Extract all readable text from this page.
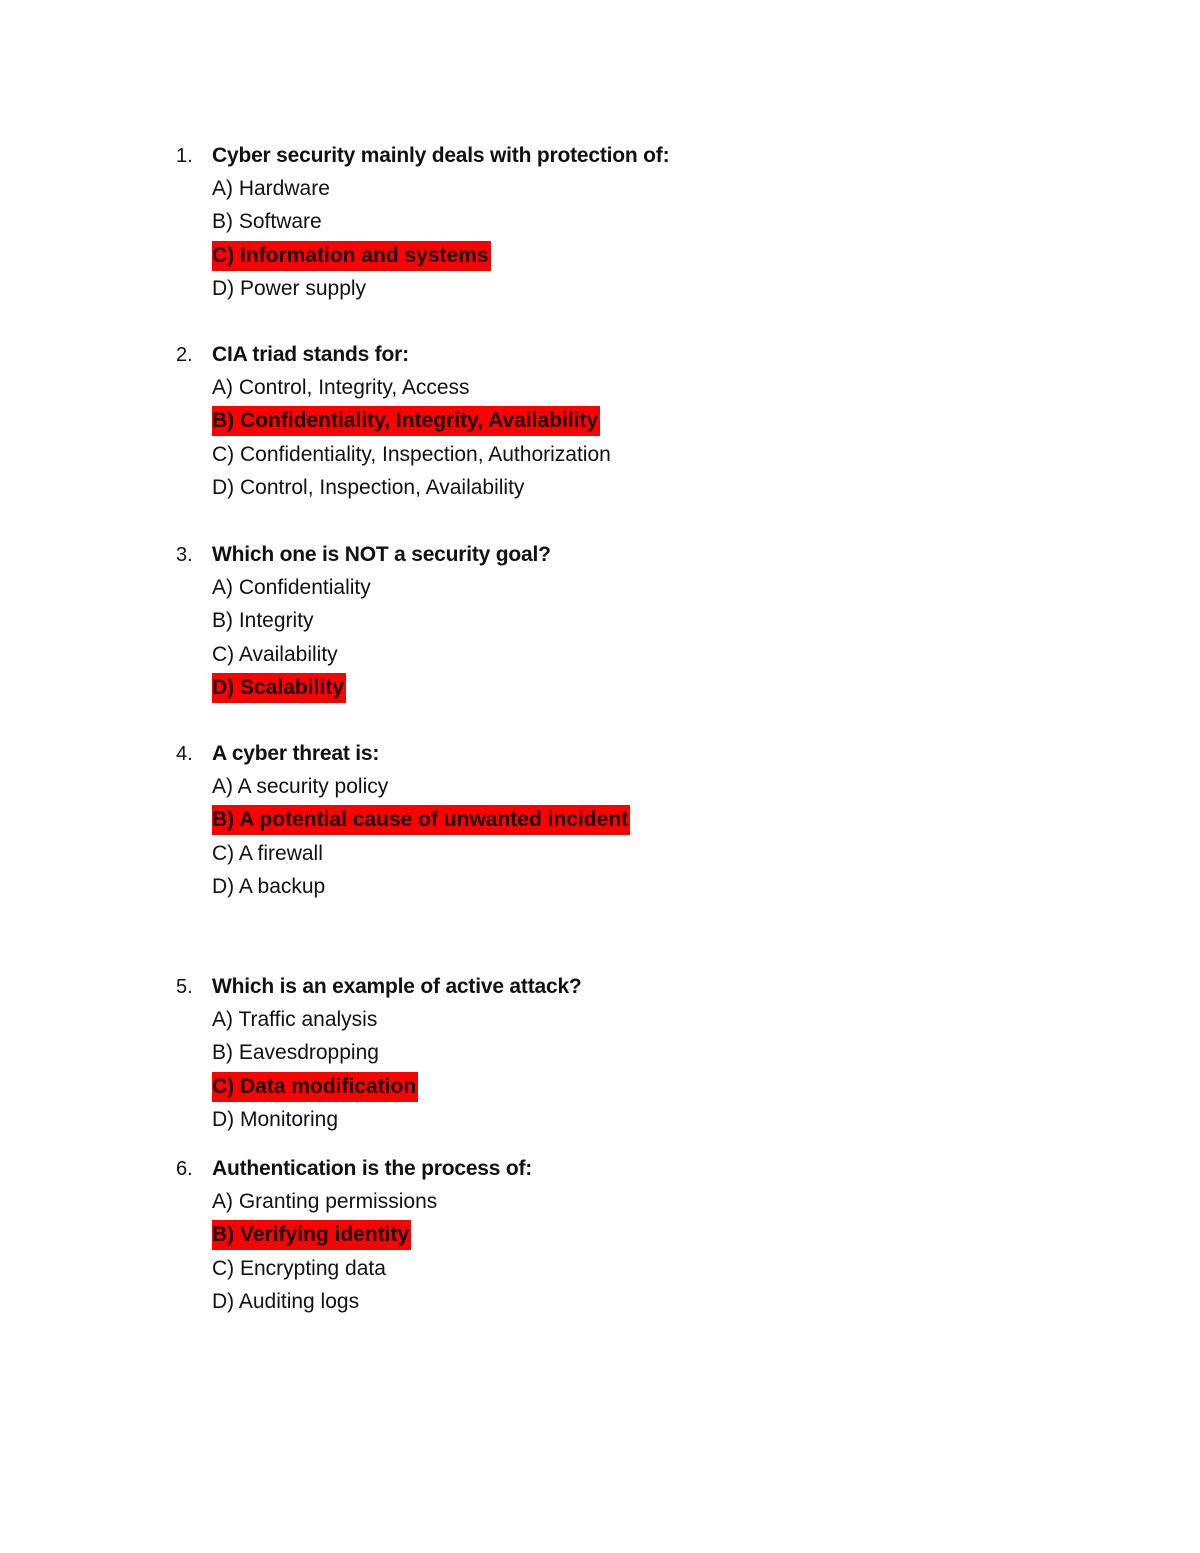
1. Cyber security mainly deals with protection of:
A) Hardware
B) Software
C) Information and systems
D) Power supply
2. CIA triad stands for:
A) Control, Integrity, Access
B) Confidentiality, Integrity, Availability
C) Confidentiality, Inspection, Authorization
D) Control, Inspection, Availability
3. Which one is NOT a security goal?
A) Confidentiality
B) Integrity
C) Availability
D) Scalability
4. A cyber threat is:
A) A security policy
B) A potential cause of unwanted incident
C) A firewall
D) A backup
5. Which is an example of active attack?
A) Traffic analysis
B) Eavesdropping
C) Data modification
D) Monitoring
6. Authentication is the process of:
A) Granting permissions
B) Verifying identity
C) Encrypting data
D) Auditing logs
